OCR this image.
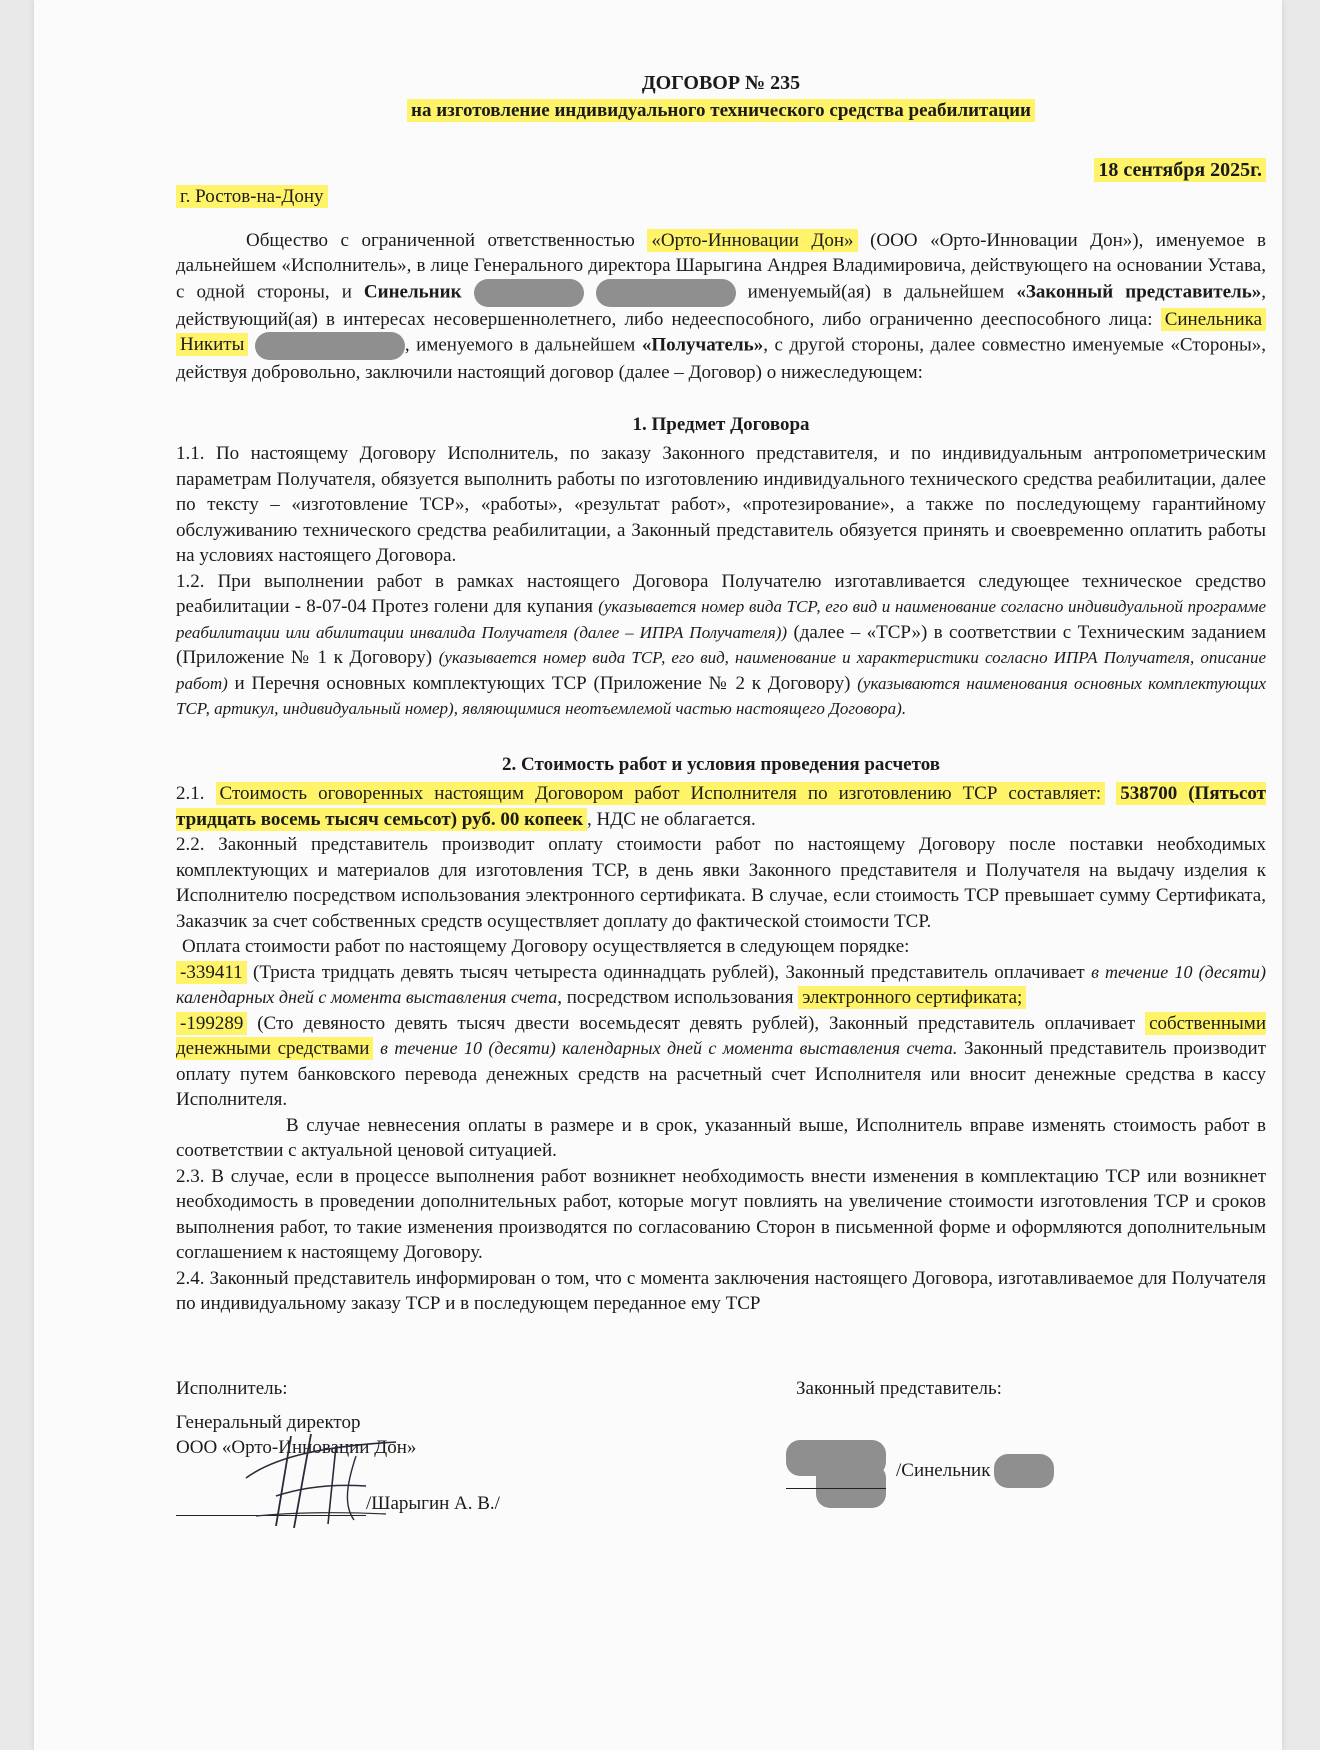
ДОГОВОР № 235
на изготовление индивидуального технического средства реабилитации
г. Ростов-на-Дону
18 сентября 2025г.

Общество с ограниченной ответственностью «Орто-Инновации Дон» (ООО «Орто-Инновации Дон»), именуемое в дальнейшем «Исполнитель», в лице Генерального директора Шарыгина Андрея Владимировича, действующего на основании Устава, с одной стороны, и Синельник	именуемый(ая) в дальнейшем «Законный представитель», действующий(ая) в интересах несовершеннолетнего, либо недееспособного, либо ограниченно дееспособного лица: Синельника Никиты	, именуемого в дальнейшем «Получатель», с другой стороны, далее совместно именуемые «Стороны», действуя добровольно, заключили настоящий договор (далее – Договор) о нижеследующем:

1. Предмет Договора

1.1. По настоящему Договору Исполнитель, по заказу Законного представителя, и по индивидуальным антропометрическим параметрам Получателя, обязуется выполнить работы по изготовлению индивидуального технического средства реабилитации, далее по тексту – «изготовление ТСР», «работы», «результат работ», «протезирование», а также по последующему гарантийному обслуживанию технического средства реабилитации, а Законный представитель обязуется принять и своевременно оплатить работы на условиях настоящего Договора.

1.2. При выполнении работ в рамках настоящего Договора Получателю изготавливается следующее техническое средство реабилитации - 8-07-04 Протез голени для купания (указывается номер вида ТСР, его вид и наименование согласно индивидуальной программе реабилитации или абилитации инвалида Получателя (далее – ИПРА Получателя)) (далее – «ТСР») в соответствии с Техническим заданием (Приложение № 1 к Договору) (указывается номер вида ТСР, его вид, наименование и характеристики согласно ИПРА Получателя, описание работ) и Перечня основных комплектующих ТСР (Приложение № 2 к Договору) (указываются наименования основных комплектующих ТСР, артикул, индивидуальный номер), являющимися неотъемлемой частью настоящего Договора).

2. Стоимость работ и условия проведения расчетов

2.1. Стоимость оговоренных настоящим Договором работ Исполнителя по изготовлению ТСР составляет: 538700 (Пятьсот тридцать восемь тысяч семьсот) руб. 00 копеек , НДС не облагается.

2.2. Законный представитель производит оплату стоимости работ по настоящему Договору после поставки необходимых комплектующих и материалов для изготовления ТСР, в день явки Законного представителя и Получателя на выдачу изделия к Исполнителю посредством использования электронного сертификата. В случае, если стоимость ТСР превышает сумму Сертификата, Заказчик за счет собственных средств осуществляет доплату до фактической стоимости ТСР.

Оплата стоимости работ по настоящему Договору осуществляется в следующем порядке:

-339411 (Триста тридцать девять тысяч четыреста одиннадцать рублей), Законный представитель оплачивает в течение 10 (десяти) календарных дней с момента выставления счета, посредством использования электронного сертификата;

-199289 (Сто девяносто девять тысяч двести восемьдесят девять рублей), Законный представитель оплачивает собственными денежными средствами в течение 10 (десяти) календарных дней с момента выставления счета. Законный представитель производит оплату путем банковского перевода денежных средств на расчетный счет Исполнителя или вносит денежные средства в кассу Исполнителя.

В случае невнесения оплаты в размере и в срок, указанный выше, Исполнитель вправе изменять стоимость работ в соответствии с актуальной ценовой ситуацией.

2.3. В случае, если в процессе выполнения работ возникнет необходимость внести изменения в комплектацию ТСР или возникнет необходимость в проведении дополнительных работ, которые могут повлиять на увеличение стоимости изготовления ТСР и сроков выполнения работ, то такие изменения производятся по согласованию Сторон в письменной форме и оформляются дополнительным соглашением к настоящему Договору.

2.4. Законный представитель информирован о том, что с момента заключения настоящего Договора, изготавливаемое для Получателя по индивидуальному заказу ТСР и в последующем переданное ему ТСР

Исполнитель:
Генеральный директор
ООО «Орто-Инновации Дон»
/Шарыгин А. В./
Законный представитель:
/Синельник
